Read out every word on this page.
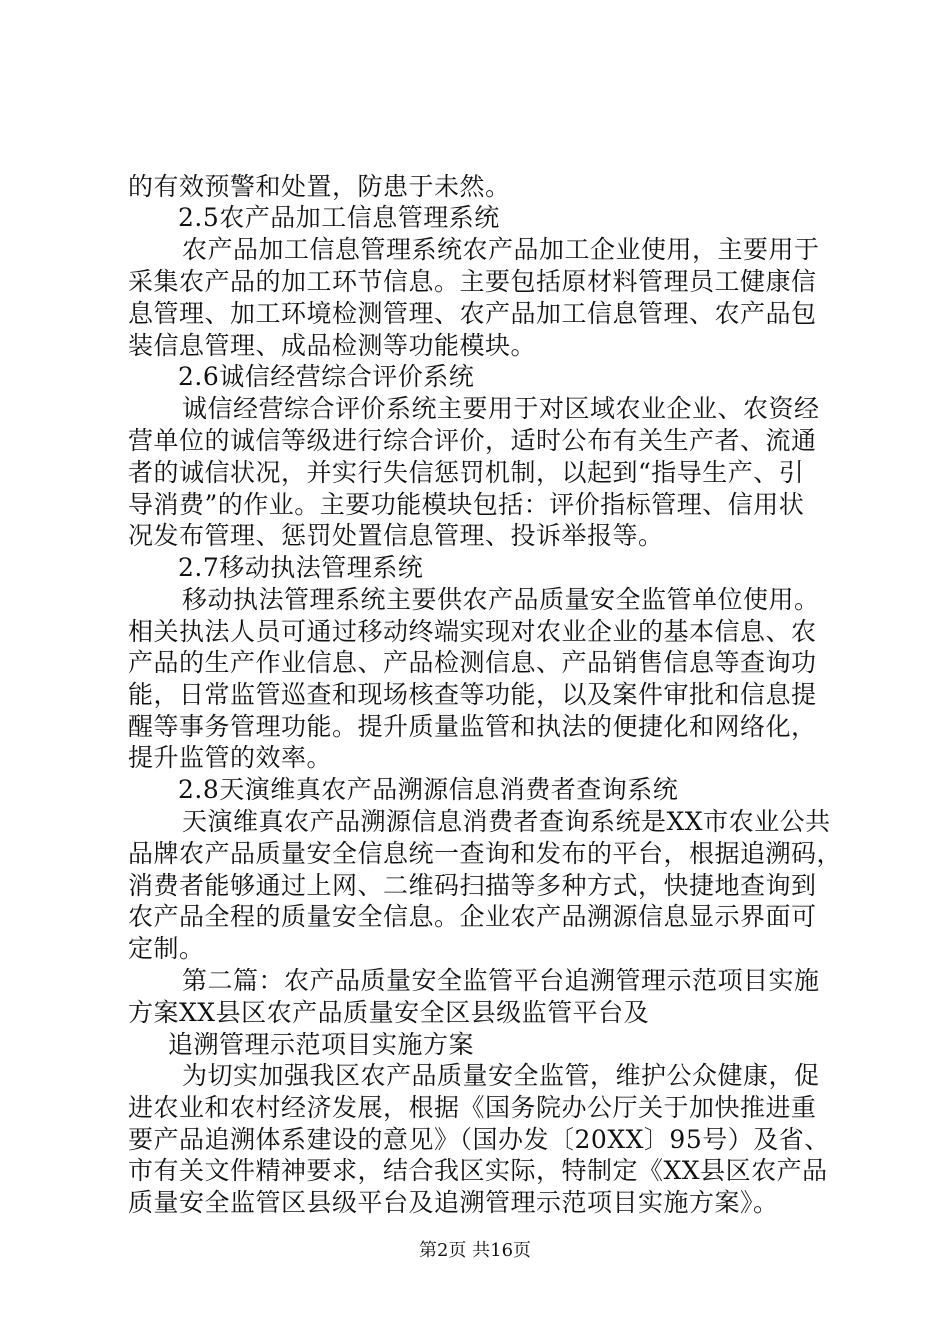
的有效预警和处置，防患于未然。
2.5农产品加工信息管理系统
农产品加工信息管理系统农产品加工企业使用，主要用于
采集农产品的加工环节信息。主要包括原材料管理员工健康信
息管理、加工环境检测管理、农产品加工信息管理、农产品包
装信息管理、成品检测等功能模块。
2.6诚信经营综合评价系统
诚信经营综合评价系统主要用于对区域农业企业、农资经
营单位的诚信等级进行综合评价，适时公布有关生产者、流通
者的诚信状况，并实行失信惩罚机制，以起到“指导生产、引
导消费”的作业。主要功能模块包括：评价指标管理、信用状
况发布管理、惩罚处置信息管理、投诉举报等。
2.7移动执法管理系统
移动执法管理系统主要供农产品质量安全监管单位使用。
相关执法人员可通过移动终端实现对农业企业的基本信息、农
产品的生产作业信息、产品检测信息、产品销售信息等查询功
能，日常监管巡查和现场核查等功能，以及案件审批和信息提
醒等事务管理功能。提升质量监管和执法的便捷化和网络化，
提升监管的效率。
2.8天演维真农产品溯源信息消费者查询系统
天演维真农产品溯源信息消费者查询系统是XX市农业公共
品牌农产品质量安全信息统一查询和发布的平台，根据追溯码，
消费者能够通过上网、二维码扫描等多种方式，快捷地查询到
农产品全程的质量安全信息。企业农产品溯源信息显示界面可
定制。
第二篇：农产品质量安全监管平台追溯管理示范项目实施
方案XX县区农产品质量安全区县级监管平台及
追溯管理示范项目实施方案
为切实加强我区农产品质量安全监管，维护公众健康，促
进农业和农村经济发展，根据《国务院办公厅关于加快推进重
要产品追溯体系建设的意见》（国办发〔20XX〕95号）及省、
市有关文件精神要求，结合我区实际，特制定《XX县区农产品
质量安全监管区县级平台及追溯管理示范项目实施方案》。
第2页 共16页
